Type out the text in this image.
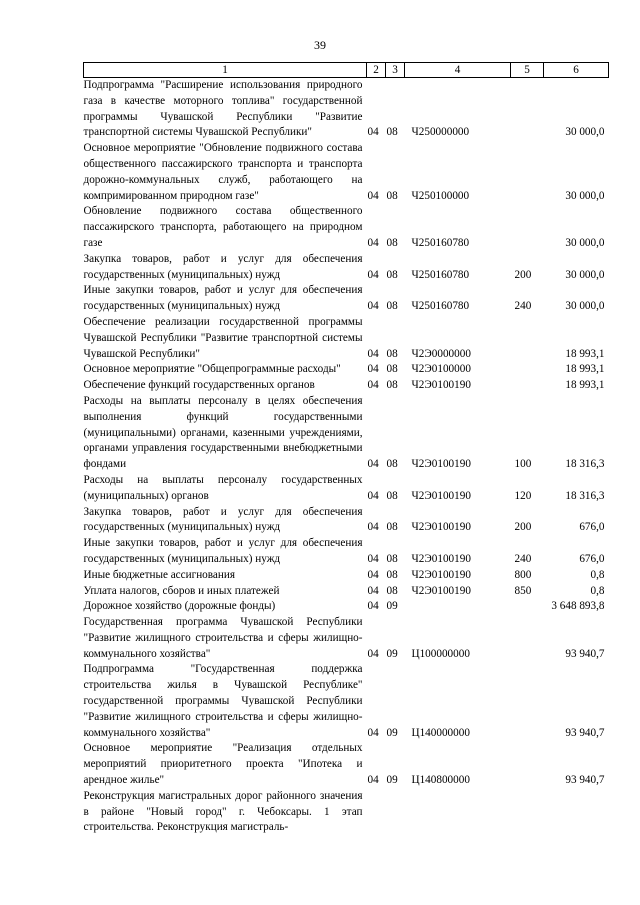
39
1	2	3	4	5	6
Подпрограмма "Расширение использования природного газа в качестве моторного топлива" государственной программы Чувашской Республики "Развитие транспортной системы Чувашской Республики"	04	08	Ч250000000		30 000,0
Основное мероприятие "Обновление подвижного состава общественного пассажирского транспорта и транспорта дорожно-коммунальных служб, работающего на компримированном природном газе"	04	08	Ч250100000		30 000,0
Обновление подвижного состава общественного пассажирского транспорта, работающего на природном газе	04	08	Ч250160780		30 000,0
Закупка товаров, работ и услуг для обеспечения государственных (муниципальных) нужд	04	08	Ч250160780	200	30 000,0
Иные закупки товаров, работ и услуг для обеспечения государственных (муниципальных) нужд	04	08	Ч250160780	240	30 000,0
Обеспечение реализации государственной программы Чувашской Республики "Развитие транспортной системы Чувашской Республики"	04	08	Ч2Э0000000		18 993,1
Основное мероприятие "Общепрограммные расходы"	04	08	Ч2Э0100000		18 993,1
Обеспечение функций государственных органов	04	08	Ч2Э0100190		18 993,1
Расходы на выплаты персоналу в целях обеспечения выполнения функций государственными (муниципальными) органами, казенными учреждениями, органами управления государственными внебюджетными фондами	04	08	Ч2Э0100190	100	18 316,3
Расходы на выплаты персоналу государственных (муниципальных) органов	04	08	Ч2Э0100190	120	18 316,3
Закупка товаров, работ и услуг для обеспечения государственных (муниципальных) нужд	04	08	Ч2Э0100190	200	676,0
Иные закупки товаров, работ и услуг для обеспечения государственных (муниципальных) нужд	04	08	Ч2Э0100190	240	676,0
Иные бюджетные ассигнования	04	08	Ч2Э0100190	800	0,8
Уплата налогов, сборов и иных платежей	04	08	Ч2Э0100190	850	0,8
Дорожное хозяйство (дорожные фонды)	04	09			3 648 893,8
Государственная программа Чувашской Республики "Развитие жилищного строительства и сферы жилищно-коммунального хозяйства"	04	09	Ц100000000		93 940,7
Подпрограмма "Государственная поддержка строительства жилья в Чувашской Республике" государственной программы Чувашской Республики "Развитие жилищного строительства и сферы жилищно-коммунального хозяйства"	04	09	Ц140000000		93 940,7
Основное мероприятие "Реализация отдельных мероприятий приоритетного проекта "Ипотека и арендное жилье"	04	09	Ц140800000		93 940,7
Реконструкция магистральных дорог районного значения в районе "Новый город" г. Чебоксары. 1 этап строительства. Реконструкция магистраль-					
